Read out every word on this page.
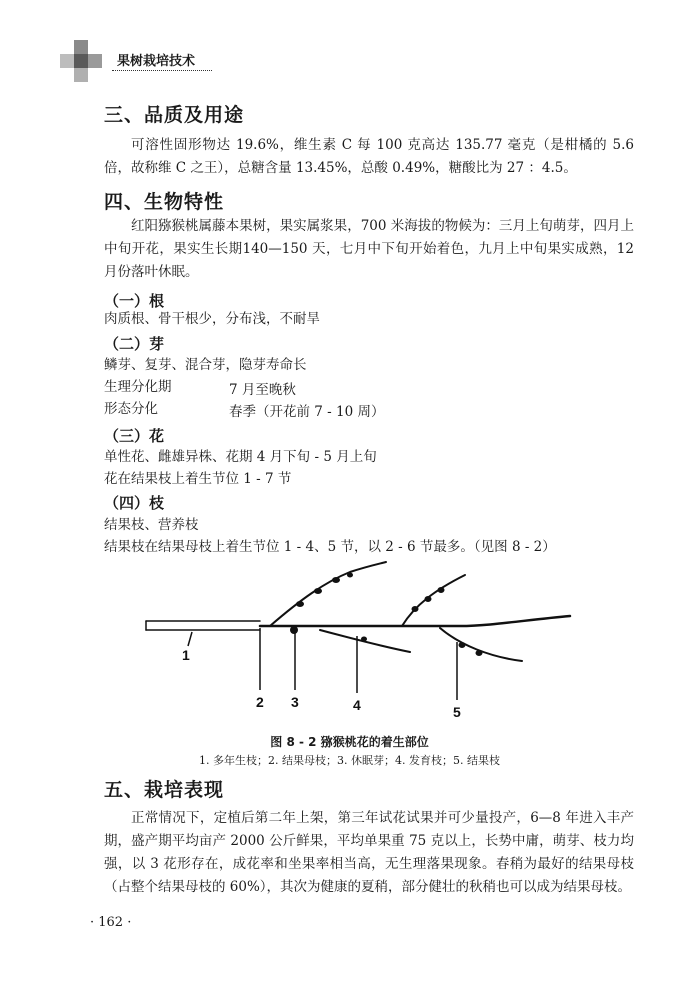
果树栽培技术
三、品质及用途

可溶性固形物达 19.6%，维生素 C 每 100 克高达 135.77 毫克（是柑橘的 5.6 倍，故称维 C 之王），总糖含量 13.45%，总酸 0.49%，糖酸比为 27 ：4.5。

四、生物特性

红阳猕猴桃属藤本果树，果实属浆果，700 米海拔的物候为：三月上旬萌芽，四月上中旬开花，果实生长期140—150 天，七月中下旬开始着色，九月上中旬果实成熟，12 月份落叶休眠。

（一）根
肉质根、骨干根少，分布浅，不耐旱
（二）芽
鳞芽、复芽、混合芽，隐芽寿命长
生理分化期	7 月至晚秋
形态分化	春季（开花前 7 - 10 周）
（三）花
单性花、雌雄异株、花期 4 月下旬 - 5 月上旬
花在结果枝上着生节位 1 - 7 节
（四）枝
结果枝、营养枝
结果枝在结果母枝上着生节位 1 - 4、5 节，以 2 - 6 节最多。（见图 8 - 2）
1
2 3	4	5
图 8 - 2 猕猴桃花的着生部位
1. 多年生枝；2. 结果母枝；3. 休眠芽；4. 发育枝；5. 结果枝
五、栽培表现

正常情况下，定植后第二年上架，第三年试花试果并可少量投产，6—8 年进入丰产期，盛产期平均亩产 2000 公斤鲜果，平均单果重 75 克以上，长势中庸，萌芽、枝力均强，以 3 花形存在，成花率和坐果率相当高，无生理落果现象。春稍为最好的结果母枝（占整个结果母枝的 60%），其次为健康的夏稍，部分健壮的秋稍也可以成为结果母枝。

· 162 ·
